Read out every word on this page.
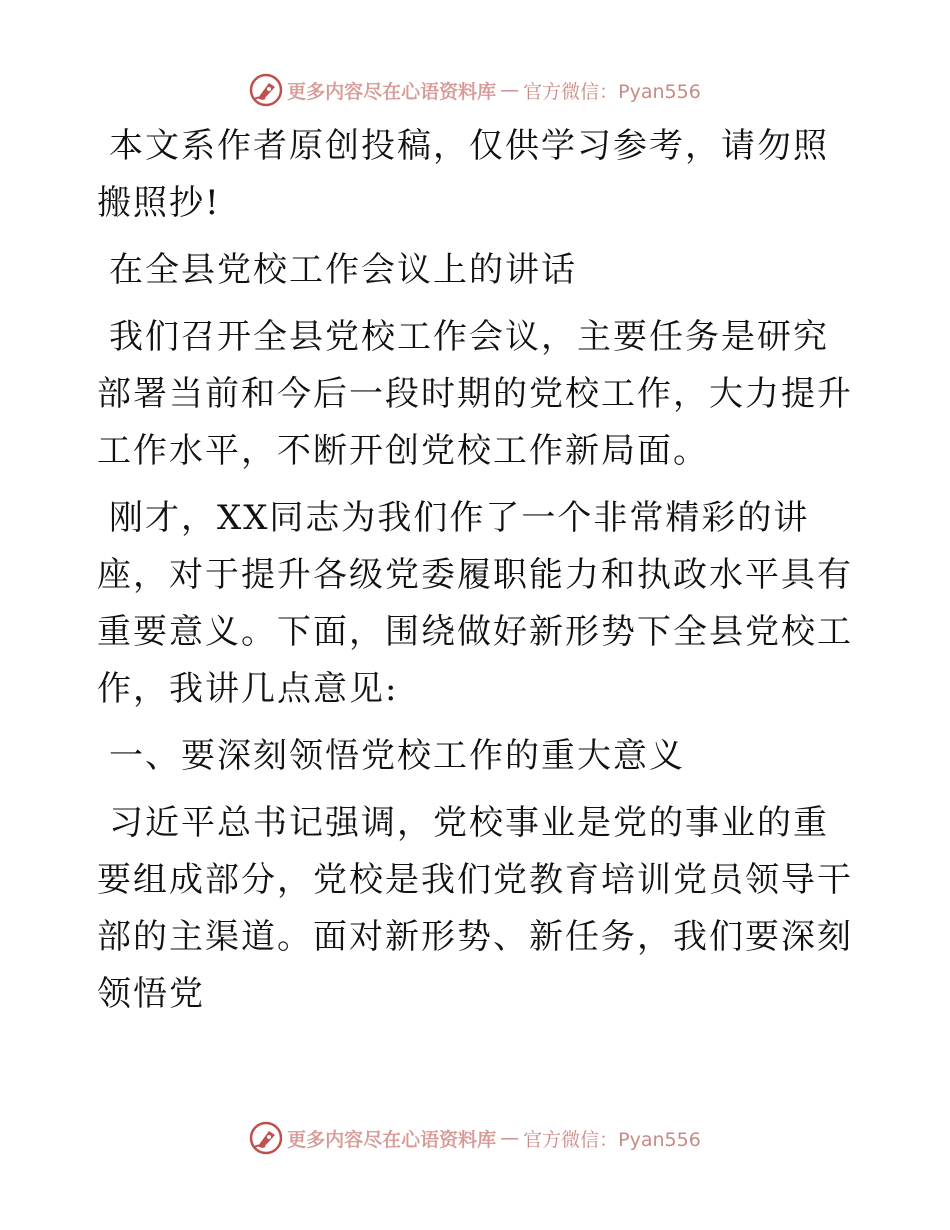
更多内容尽在心语资料库 — 官方微信：Pyan556

本文系作者原创投稿，仅供学习参考，请勿照搬照抄!

在全县党校工作会议上的讲话

我们召开全县党校工作会议，主要任务是研究部署当前和今后一段时期的党校工作，大力提升工作水平，不断开创党校工作新局面。

刚才，XX同志为我们作了一个非常精彩的讲座，对于提升各级党委履职能力和执政水平具有重要意义。下面，围绕做好新形势下全县党校工作，我讲几点意见:

一、要深刻领悟党校工作的重大意义

习近平总书记强调，党校事业是党的事业的重要组成部分，党校是我们党教育培训党员领导干部的主渠道。面对新形势、新任务，我们要深刻领悟党

更多内容尽在心语资料库 — 官方微信：Pyan556
